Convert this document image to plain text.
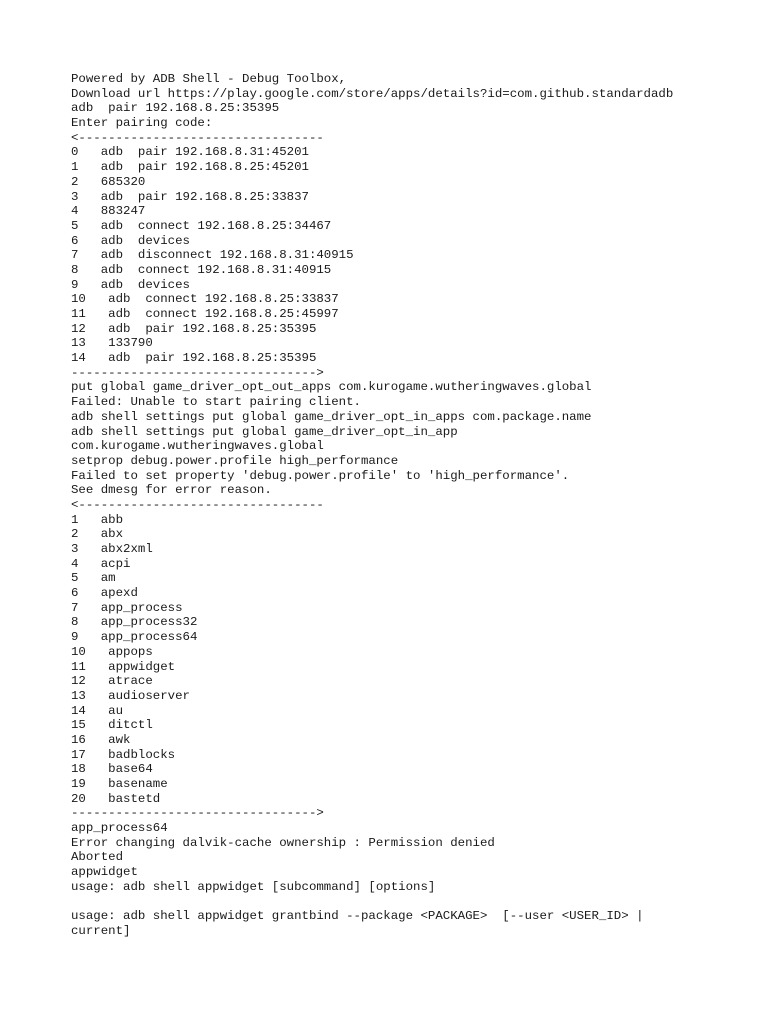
Powered by ADB Shell - Debug Toolbox,
Download url https://play.google.com/store/apps/details?id=com.github.standardadb
adb  pair 192.168.8.25:35395
Enter pairing code:
<---------------------------------
0   adb  pair 192.168.8.31:45201
1   adb  pair 192.168.8.25:45201
2   685320
3   adb  pair 192.168.8.25:33837
4   883247
5   adb  connect 192.168.8.25:34467
6   adb  devices
7   adb  disconnect 192.168.8.31:40915
8   adb  connect 192.168.8.31:40915
9   adb  devices
10   adb  connect 192.168.8.25:33837
11   adb  connect 192.168.8.25:45997
12   adb  pair 192.168.8.25:35395
13   133790
14   adb  pair 192.168.8.25:35395
--------------------------------->
put global game_driver_opt_out_apps com.kurogame.wutheringwaves.global
Failed: Unable to start pairing client.
adb shell settings put global game_driver_opt_in_apps com.package.name
adb shell settings put global game_driver_opt_in_app
com.kurogame.wutheringwaves.global
setprop debug.power.profile high_performance
Failed to set property 'debug.power.profile' to 'high_performance'.
See dmesg for error reason.
<---------------------------------
1   abb
2   abx
3   abx2xml
4   acpi
5   am
6   apexd
7   app_process
8   app_process32
9   app_process64
10   appops
11   appwidget
12   atrace
13   audioserver
14   au
15   ditctl
16   awk
17   badblocks
18   base64
19   basename
20   bastetd
--------------------------------->
app_process64
Error changing dalvik-cache ownership : Permission denied
Aborted
appwidget
usage: adb shell appwidget [subcommand] [options]
usage: adb shell appwidget grantbind --package <PACKAGE>  [--user <USER_ID> |
current]
